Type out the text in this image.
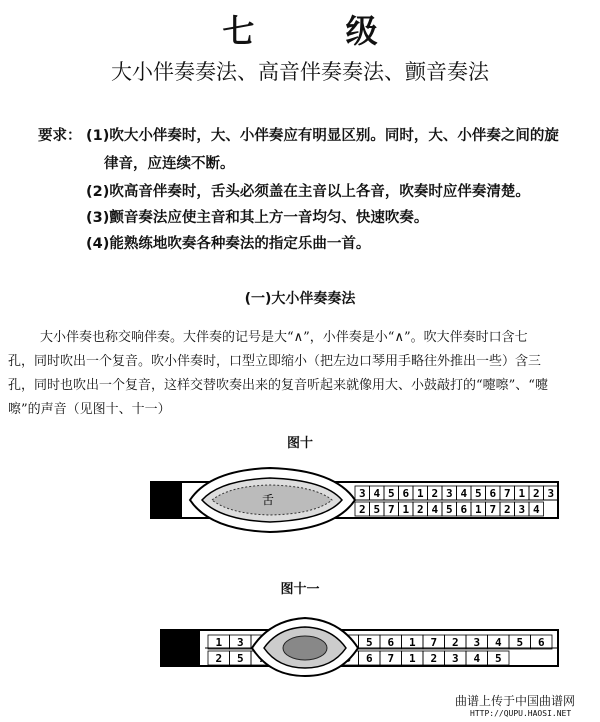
七 级
大小伴奏奏法、高音伴奏奏法、颤音奏法
要求： (1)吹大小伴奏时，大、小伴奏应有明显区别。同时，大、小伴奏之间的旋
律音，应连续不断。
(2)吹高音伴奏时，舌头必须盖在主音以上各音，吹奏时应伴奏清楚。
(3)颤音奏法应使主音和其上方一音均匀、快速吹奏。
(4)能熟练地吹奏各种奏法的指定乐曲一首。
(一)大小伴奏奏法
大小伴奏也称交响伴奏。大伴奏的记号是大“∧”，小伴奏是小“∧”。吹大伴奏时口含七
孔，同时吹出一个复音。吹小伴奏时，口型立即缩小（把左边口琴用手略往外推出一些）含三
孔，同时也吹出一个复音，这样交替吹奏出来的复音听起来就像用大、小鼓敲打的“嚏嚓”、“嚏
嚓”的声音（见图十、十一）
图十
3 4 5 6 1 2 3 4 5 6 7 1 2 3
2 5 7 1 2 4 5 6 1 7 2 3 4
舌
图十一
1 3	5 6 1 7 2 3 4 5 6
2 5	6 7 1 2 3 4 5
曲谱上传于中国曲谱网
HTTP://QUPU.HAOSI.NET
